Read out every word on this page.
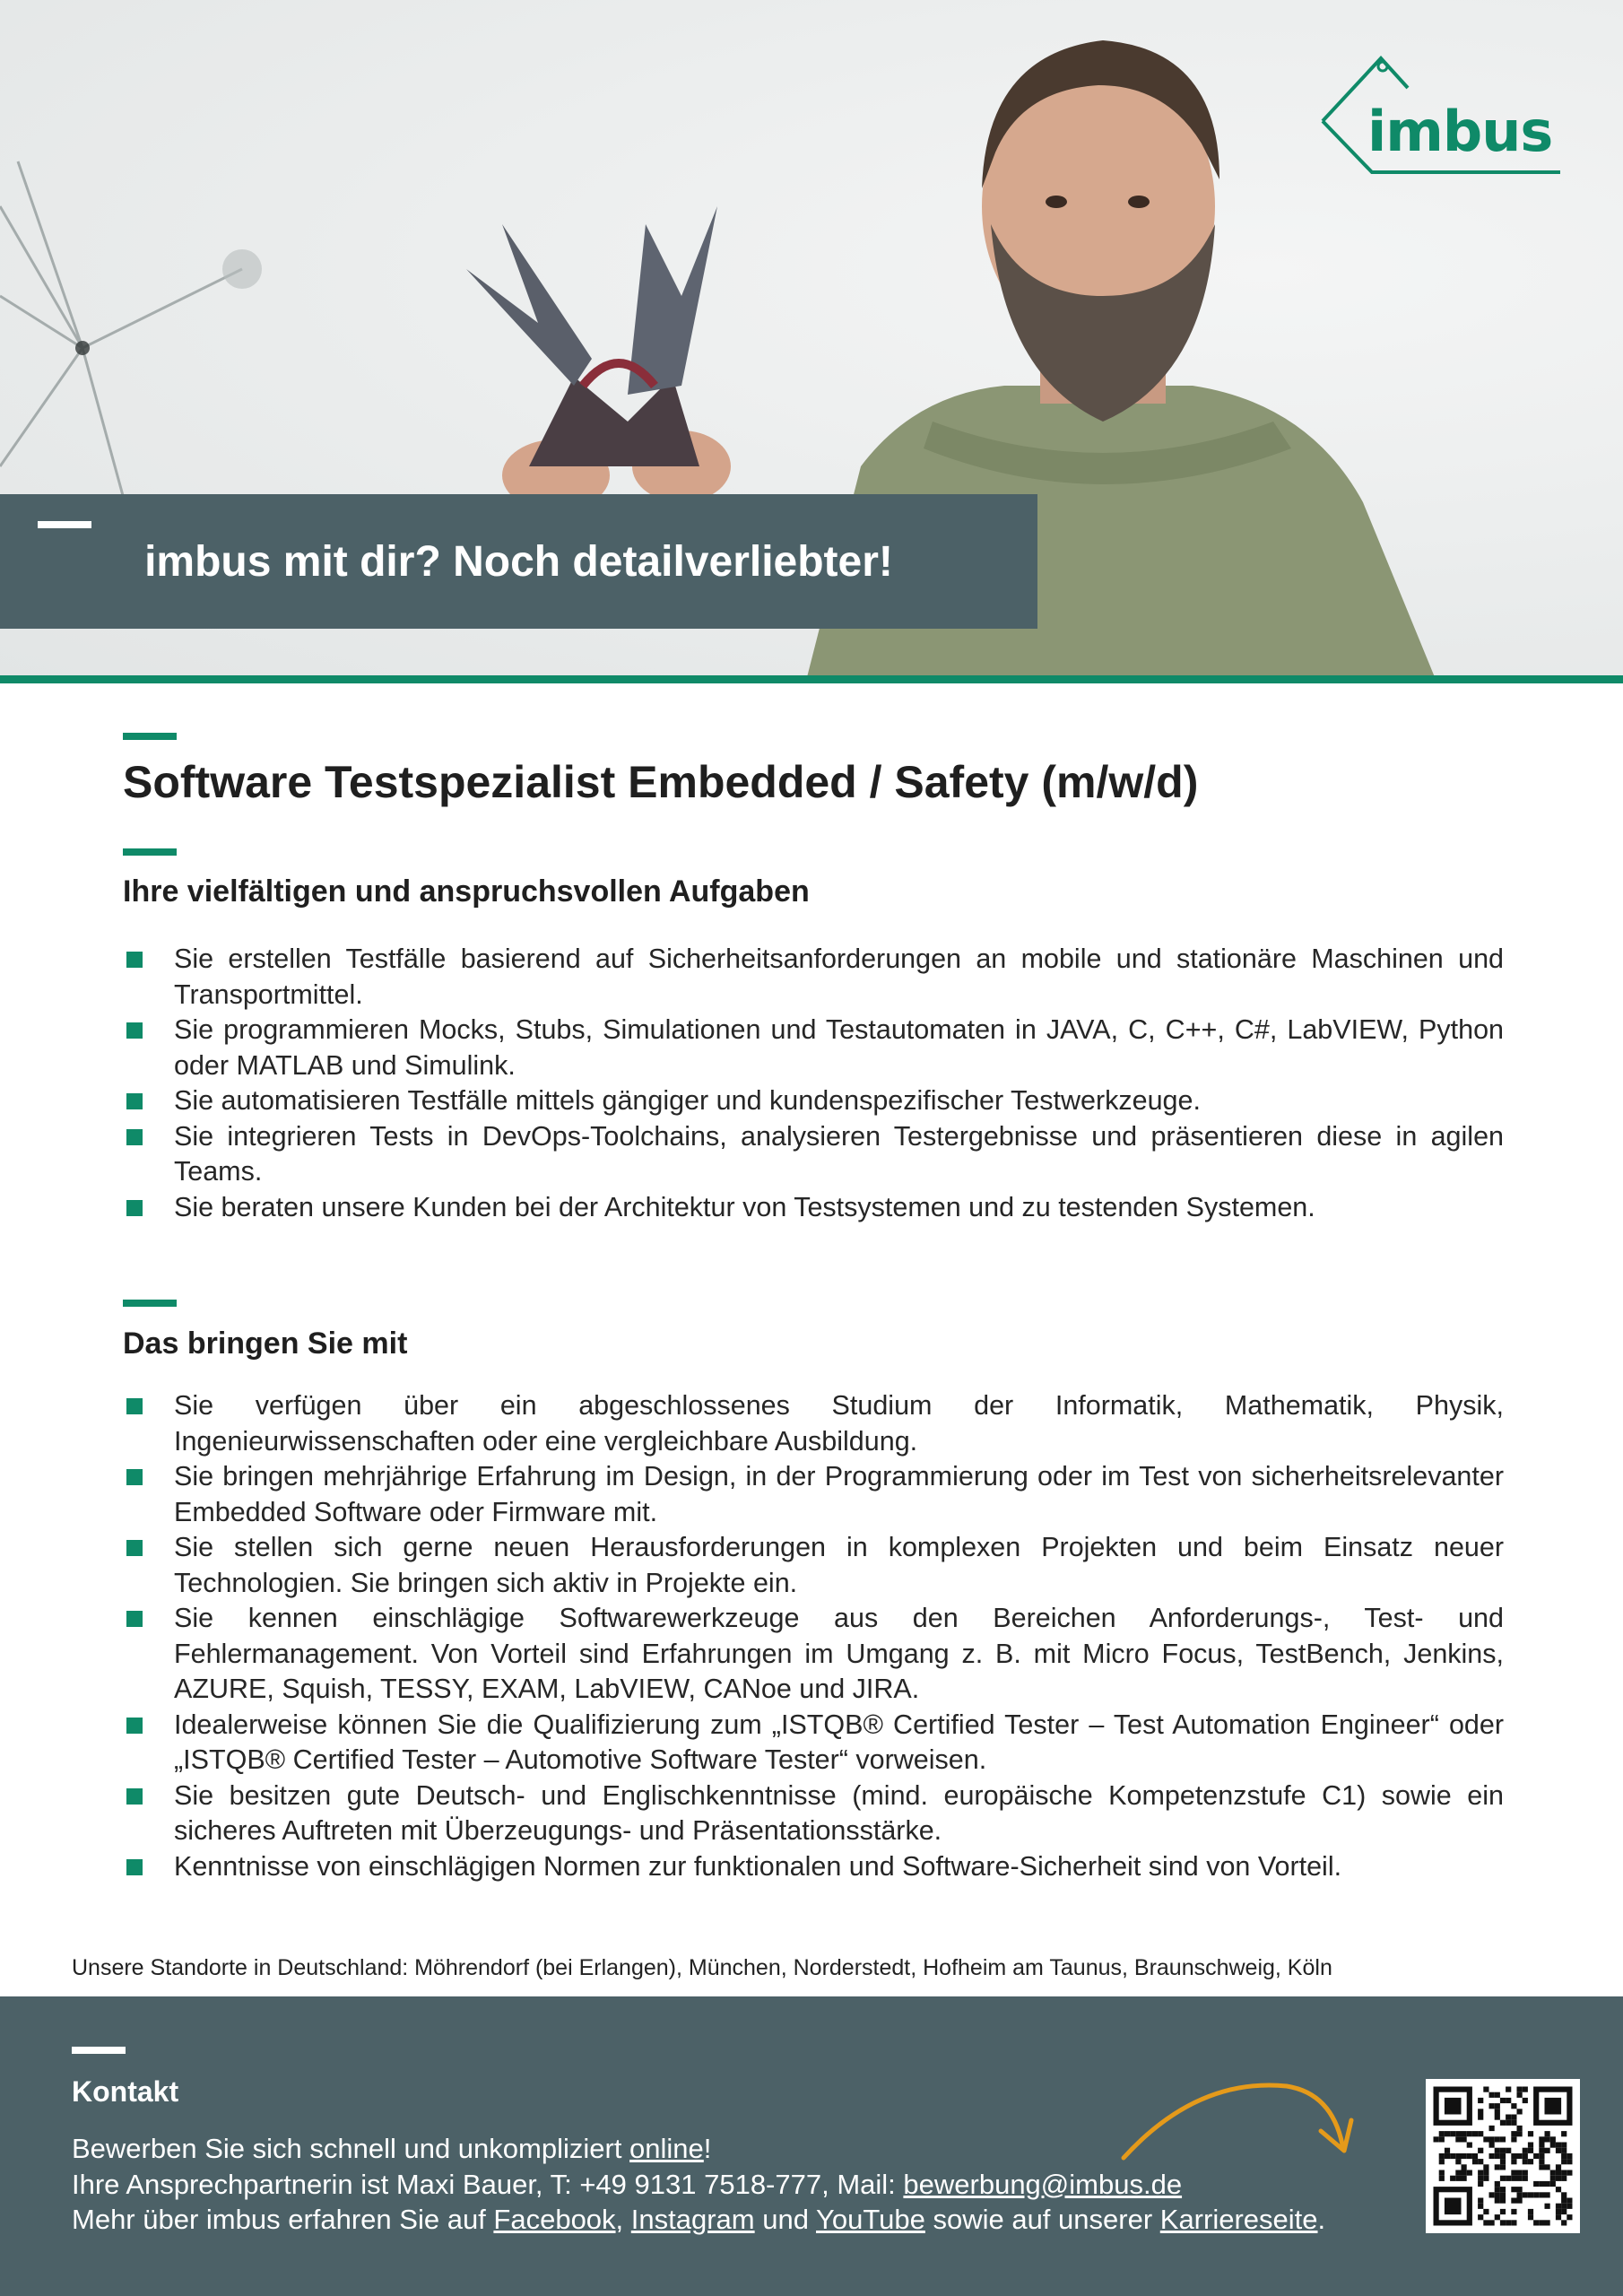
imbus
imbus mit dir? Noch detailverliebter!
Software Testspezialist Embedded / Safety (m/w/d)
Ihre vielfältigen und anspruchsvollen Aufgaben
Sie erstellen Testfälle basierend auf Sicherheitsanforderungen an mobile und stationäre Maschinen und Transportmittel.
Sie programmieren Mocks, Stubs, Simulationen und Testautomaten in JAVA, C, C++, C#, LabVIEW, Python oder MATLAB und Simulink.
Sie automatisieren Testfälle mittels gängiger und kundenspezifischer Testwerkzeuge.
Sie integrieren Tests in DevOps-Toolchains, analysieren Testergebnisse und präsentieren diese in agilen Teams.
Sie beraten unsere Kunden bei der Architektur von Testsystemen und zu testenden Systemen.
Das bringen Sie mit
Sie verfügen über ein abgeschlossenes Studium der Informatik, Mathematik, Physik, Ingenieurwissenschaften oder eine vergleichbare Ausbildung.
Sie bringen mehrjährige Erfahrung im Design, in der Programmierung oder im Test von sicherheitsrelevanter Embedded Software oder Firmware mit.
Sie stellen sich gerne neuen Herausforderungen in komplexen Projekten und beim Einsatz neuer Technologien. Sie bringen sich aktiv in Projekte ein.
Sie kennen einschlägige Softwarewerkzeuge aus den Bereichen Anforderungs-, Test- und Fehlermanagement. Von Vorteil sind Erfahrungen im Umgang z. B. mit Micro Focus, TestBench, Jenkins, AZURE, Squish, TESSY, EXAM, LabVIEW, CANoe und JIRA.
Idealerweise können Sie die Qualifizierung zum „ISTQB® Certified Tester – Test Automation Engineer“ oder „ISTQB® Certified Tester – Automotive Software Tester“ vorweisen.
Sie besitzen gute Deutsch- und Englischkenntnisse (mind. europäische Kompetenzstufe C1) sowie ein sicheres Auftreten mit Überzeugungs- und Präsentationsstärke.
Kenntnisse von einschlägigen Normen zur funktionalen und Software-Sicherheit sind von Vorteil.
Unsere Standorte in Deutschland: Möhrendorf (bei Erlangen), München, Norderstedt, Hofheim am Taunus, Braunschweig, Köln
Kontakt
Bewerben Sie sich schnell und unkompliziert online!
Ihre Ansprechpartnerin ist Maxi Bauer, T: +49 9131 7518-777, Mail: bewerbung@imbus.de
Mehr über imbus erfahren Sie auf Facebook, Instagram und YouTube sowie auf unserer Karriereseite.
